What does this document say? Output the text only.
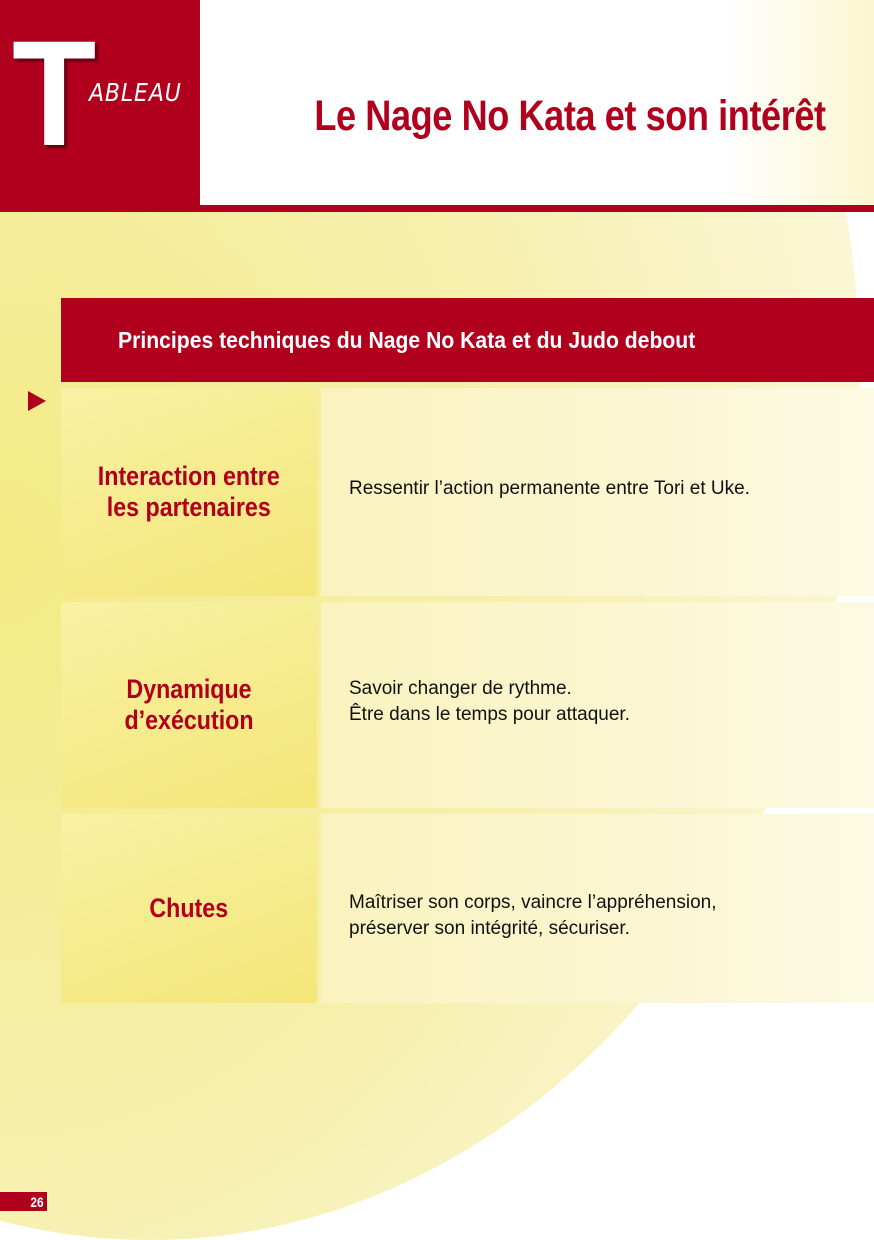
T
ABLEAU	Le Nage No Kata et son intérêt
Principes techniques du Nage No Kata et du Judo debout
Interaction entre
les partenaires
Ressentir l’action permanente entre Tori et Uke.
Dynamique
d’exécution
Savoir changer de rythme.
Être dans le temps pour attaquer.
Chutes	Maîtriser son corps, vaincre l’appréhension,
préserver son intégrité, sécuriser.
26
